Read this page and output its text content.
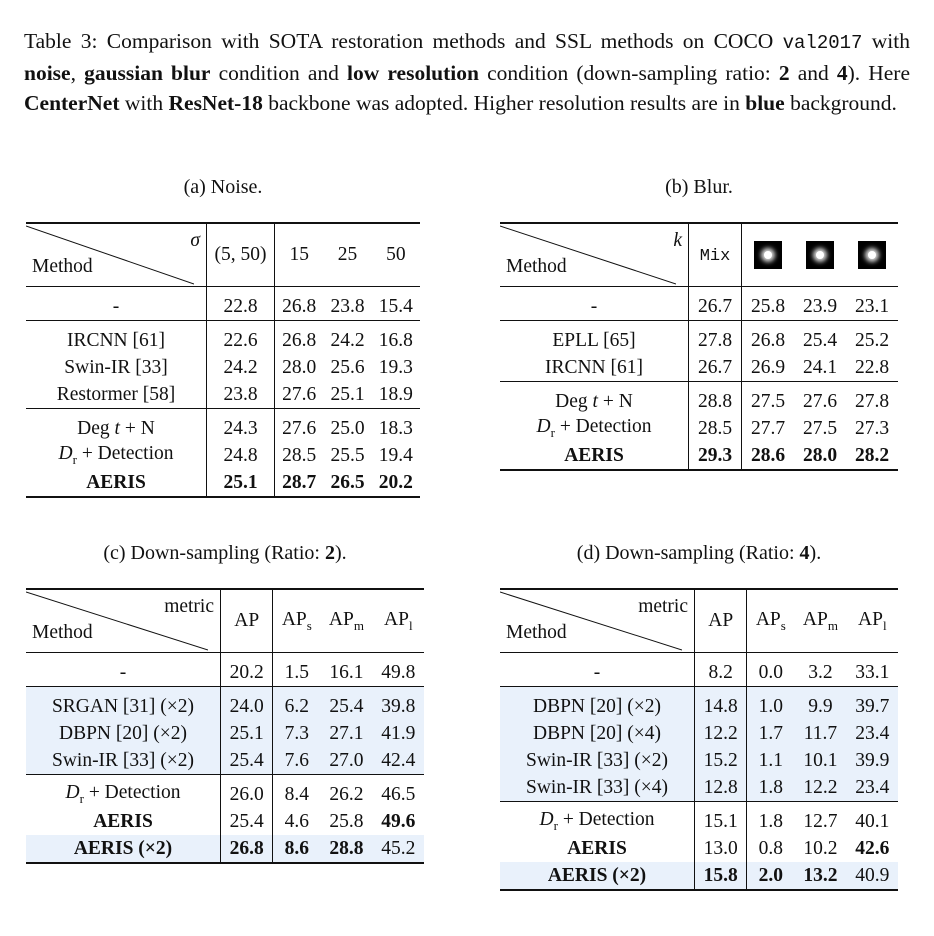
Table 3: Comparison with SOTA restoration methods and SSL methods on COCO val2017 with noise, gaussian blur condition and low resolution condition (down-sampling ratio: 2 and 4). Here CenterNet with ResNet-18 backbone was adopted. Higher resolution results are in blue background.
(a) Noise.
σ
Method	(5, 50)	15	25	50
-	22.8	26.8	23.8	15.4
IRCNN [61]	22.6	26.8	24.2	16.8
Swin-IR [33]	24.2	28.0	25.6	19.3
Restormer [58]	23.8	27.6	25.1	18.9
Deg t + N	24.3	27.6	25.0	18.3
$D_r$ + Detection	24.8	28.5	25.5	19.4
AERIS	25.1	28.7	26.5	20.2
(b) Blur.
k
Method	Mix	

-	26.7	25.8	23.9	23.1
EPLL [65]	27.8	26.8	25.4	25.2
IRCNN [61]	26.7	26.9	24.1	22.8
Deg t + N	28.8	27.5	27.6	27.8
$D_r$ + Detection	28.5	27.7	27.5	27.3
AERIS	29.3	28.6	28.0	28.2
(c) Down-sampling (Ratio: 2).
metric
Method	AP	$AP_s$	$AP_m$	$AP_l$
-	20.2	1.5	16.1	49.8
SRGAN [31] (×2)	24.0	6.2	25.4	39.8
DBPN [20] (×2)	25.1	7.3	27.1	41.9
Swin-IR [33] (×2)	25.4	7.6	27.0	42.4
$D_r$ + Detection	26.0	8.4	26.2	46.5
AERIS	25.4	4.6	25.8	49.6
AERIS (×2)	26.8	8.6	28.8	45.2
(d) Down-sampling (Ratio: 4).
metric
Method	AP	$AP_s$	$AP_m$	$AP_l$
-	8.2	0.0	3.2	33.1
DBPN [20] (×2)	14.8	1.0	9.9	39.7
DBPN [20] (×4)	12.2	1.7	11.7	23.4
Swin-IR [33] (×2)	15.2	1.1	10.1	39.9
Swin-IR [33] (×4)	12.8	1.8	12.2	23.4
$D_r$ + Detection	15.1	1.8	12.7	40.1
AERIS	13.0	0.8	10.2	42.6
AERIS (×2)	15.8	2.0	13.2	40.9
